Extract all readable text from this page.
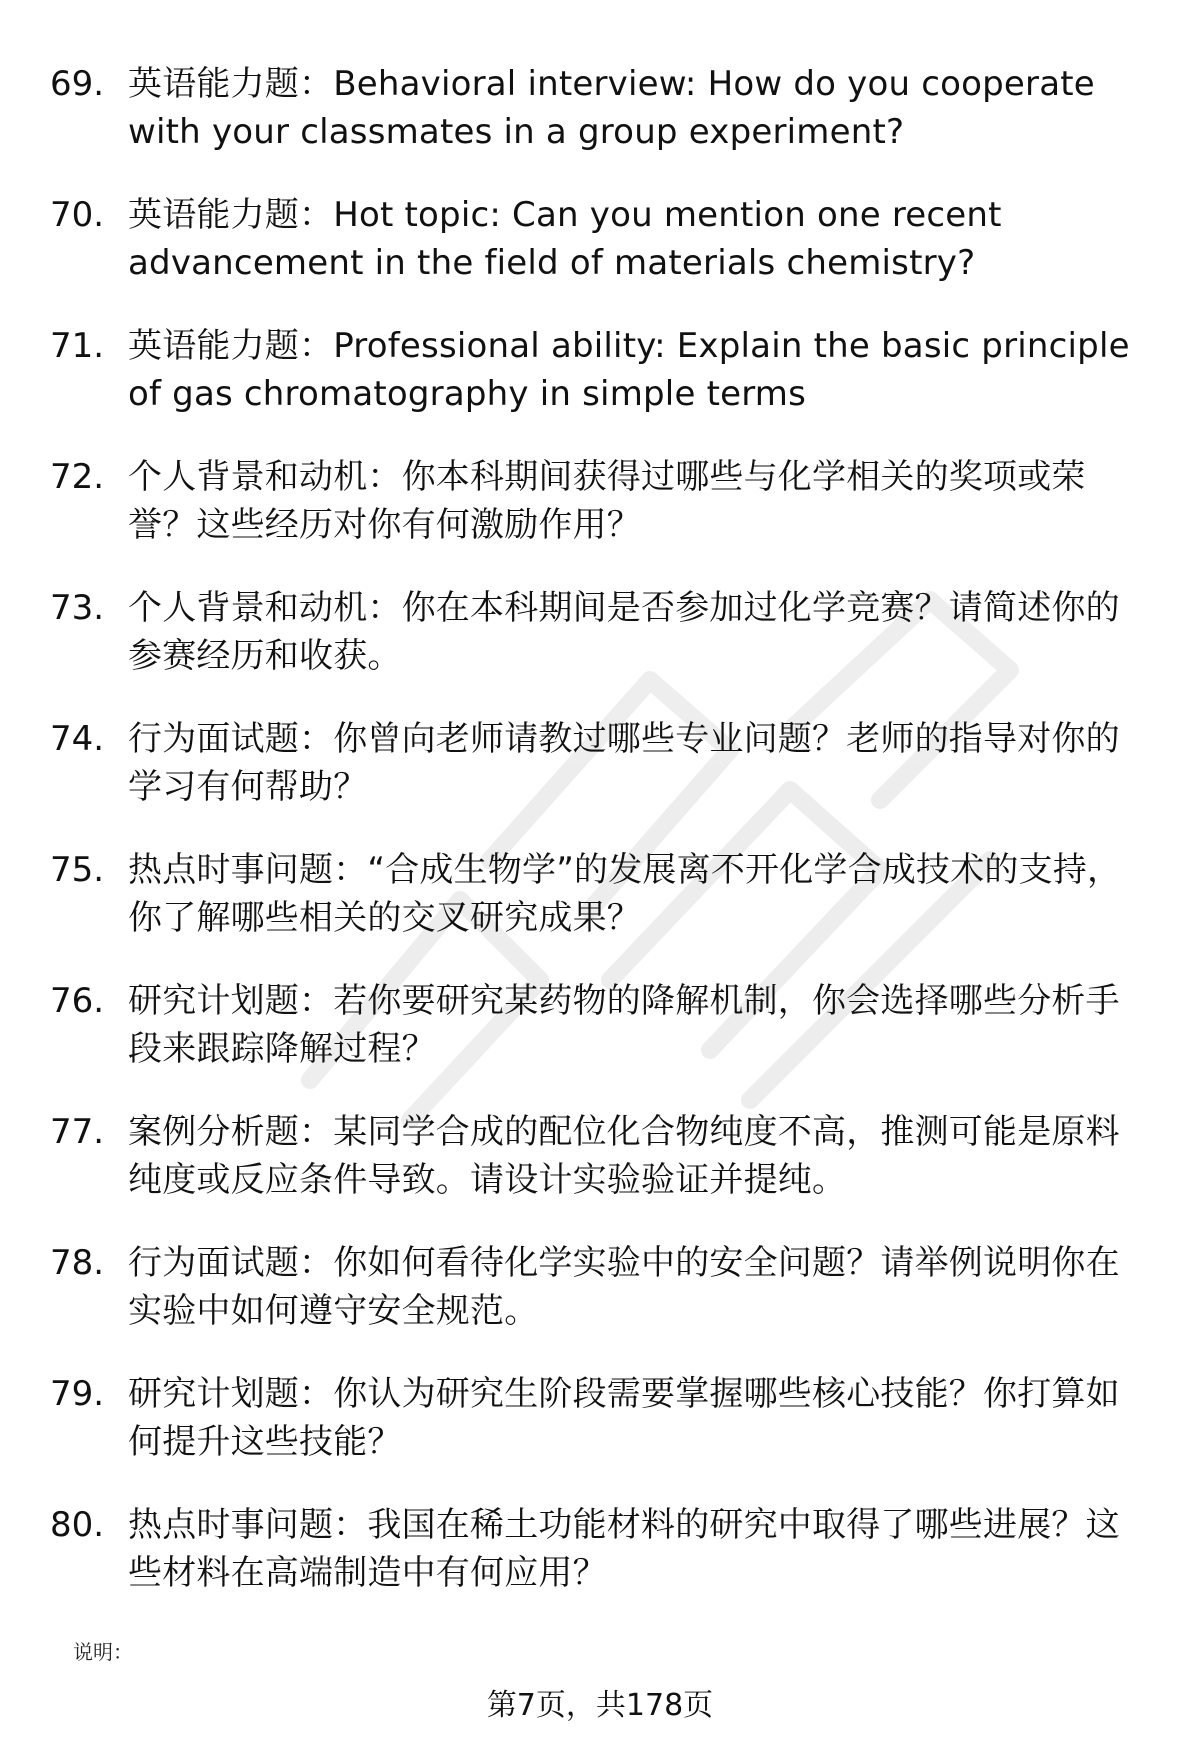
69. 英语能力题：Behavioral interview: How do you cooperate with your classmates in a group experiment?
70. 英语能力题：Hot topic: Can you mention one recent advancement in the field of materials chemistry?
71. 英语能力题：Professional ability: Explain the basic principle of gas chromatography in simple terms
72. 个人背景和动机：你本科期间获得过哪些与化学相关的奖项或荣誉？这些经历对你有何激励作用？
73. 个人背景和动机：你在本科期间是否参加过化学竞赛？请简述你的参赛经历和收获。
74. 行为面试题：你曾向老师请教过哪些专业问题？老师的指导对你的学习有何帮助？
75. 热点时事问题：“合成生物学”的发展离不开化学合成技术的支持，你了解哪些相关的交叉研究成果？
76. 研究计划题：若你要研究某药物的降解机制，你会选择哪些分析手段来跟踪降解过程？
77. 案例分析题：某同学合成的配位化合物纯度不高，推测可能是原料纯度或反应条件导致。请设计实验验证并提纯。
78. 行为面试题：你如何看待化学实验中的安全问题？请举例说明你在实验中如何遵守安全规范。
79. 研究计划题：你认为研究生阶段需要掌握哪些核心技能？你打算如何提升这些技能？
80. 热点时事问题：我国在稀土功能材料的研究中取得了哪些进展？这些材料在高端制造中有何应用？
说明：
第7页，共178页
